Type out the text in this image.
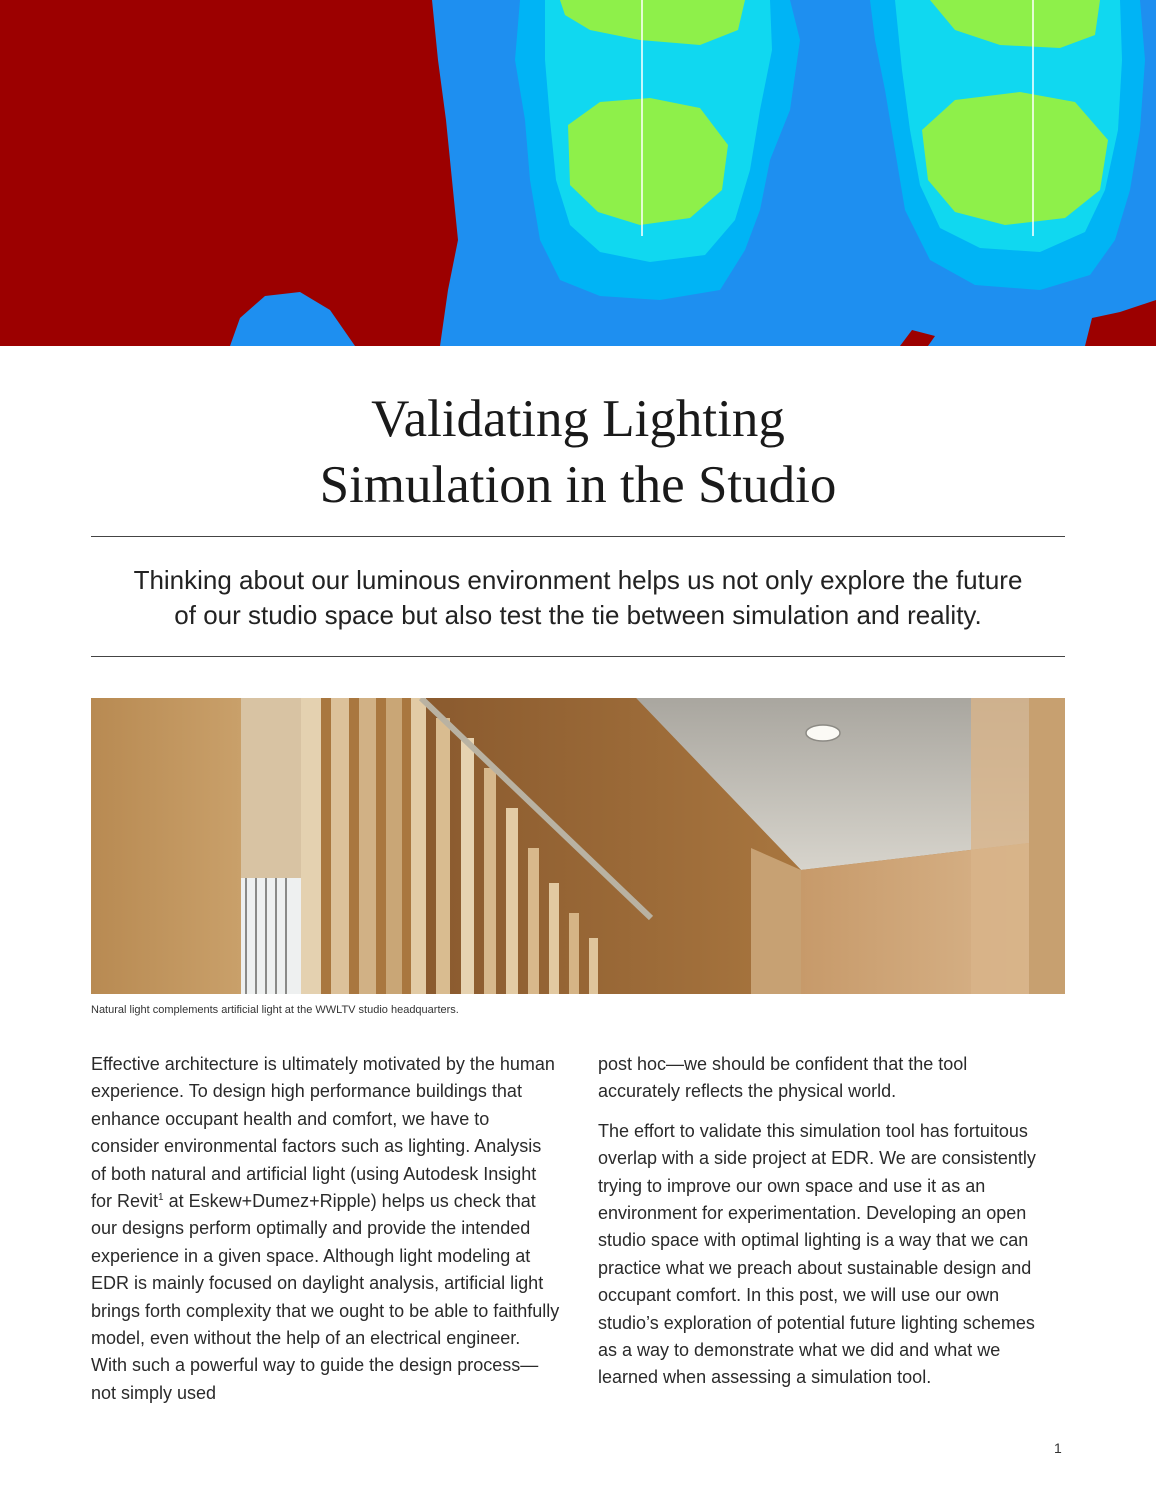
Validating Lighting
Simulation in the Studio
Thinking about our luminous environment helps us not only explore the future
of our studio space but also test the tie between simulation and reality.
Natural light complements artificial light at the WWLTV studio headquarters.

Effective architecture is ultimately motivated by the human experience. To design high performance buildings that enhance occupant health and comfort, we have to consider environmental factors such as lighting. Analysis of both natural and artificial light (using Autodesk Insight for Revit$^1$ at Eskew+Dumez+Ripple) helps us check that our designs perform optimally and provide the intended experience in a given space. Although light modeling at EDR is mainly focused on daylight analysis, artificial light brings forth complexity that we ought to be able to faithfully model, even without the help of an electrical engineer. With such a powerful way to guide the design process—not simply used

post hoc—we should be confident that the tool accurately reflects the physical world.

The effort to validate this simulation tool has fortuitous overlap with a side project at EDR. We are consistently trying to improve our own space and use it as an environment for experimentation. Developing an open studio space with optimal lighting is a way that we can practice what we preach about sustainable design and occupant comfort. In this post, we will use our own studio’s exploration of potential future lighting schemes as a way to demonstrate what we did and what we learned when assessing a simulation tool.

1
